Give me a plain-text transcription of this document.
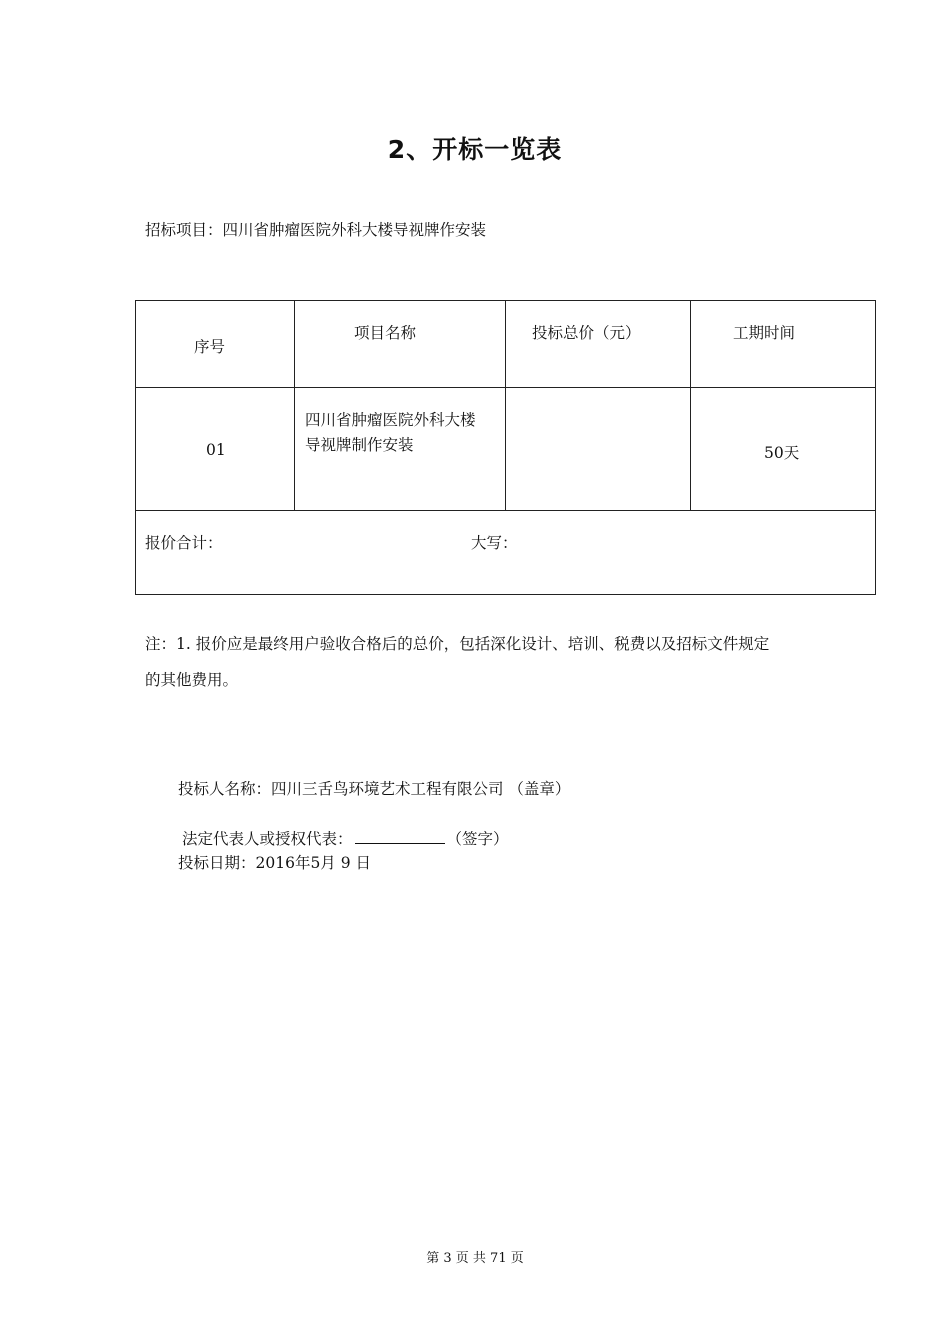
2、开标一览表
招标项目：四川省肿瘤医院外科大楼导视牌作安装
序号	项目名称	投标总价（元）	工期时间

01	四川省肿瘤医院外科大楼
导视牌制作安装		50天

报价合计： 大写：			
注：1. 报价应是最终用户验收合格后的总价，包括深化设计、培训、税费以及招标文件规定
的其他费用。
投标人名称：四川三舌鸟环境艺术工程有限公司 （盖章）
法定代表人或授权代表：	（签字）
投标日期：2016年5月 9 日
第 3 页 共 71 页
